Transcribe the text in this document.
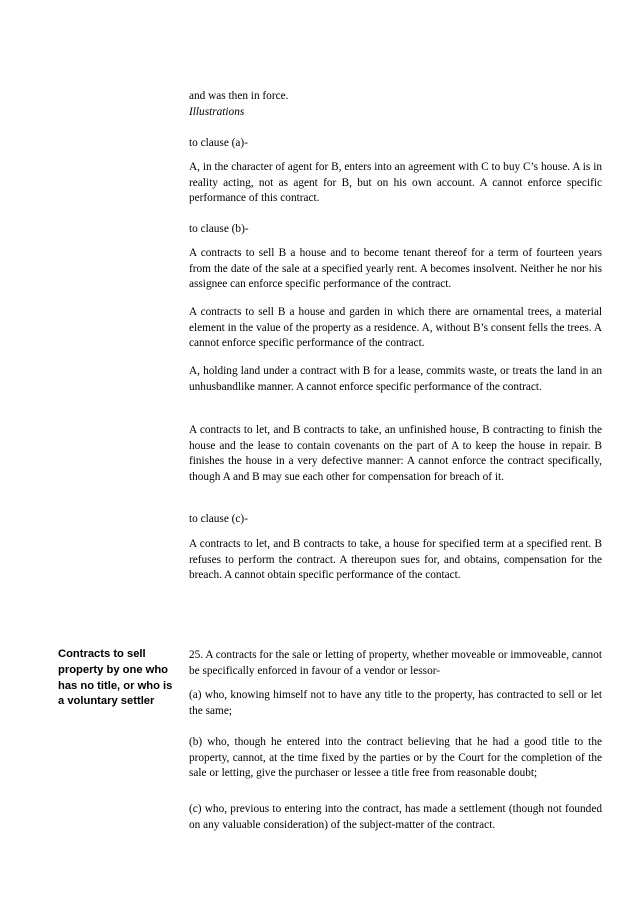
and was then in force.

Illustrations

to clause (a)-

A, in the character of agent for B, enters into an agreement with C to buy C’s house. A is in reality acting, not as agent for B, but on his own account. A cannot enforce specific performance of this contract.

to clause (b)-

A contracts to sell B a house and to become tenant thereof for a term of fourteen years from the date of the sale at a specified yearly rent. A becomes insolvent. Neither he nor his assignee can enforce specific performance of the contract.

A contracts to sell B a house and garden in which there are ornamental trees, a material element in the value of the property as a residence. A, without B’s consent fells the trees. A cannot enforce specific performance of the contract.

A, holding land under a contract with B for a lease, commits waste, or treats the land in an unhusbandlike manner. A cannot enforce specific performance of the contract.

A contracts to let, and B contracts to take, an unfinished house, B contracting to finish the house and the lease to contain covenants on the part of A to keep the house in repair. B finishes the house in a very defective manner: A cannot enforce the contract specifically, though A and B may sue each other for compensation for breach of it.

to clause (c)-

A contracts to let, and B contracts to take, a house for specified term at a specified rent. B refuses to perform the contract. A thereupon sues for, and obtains, compensation for the breach. A cannot obtain specific performance of the contact.

Contracts to sell property by one who has no title, or who is a voluntary settler

25. A contracts for the sale or letting of property, whether moveable or immoveable, cannot be specifically enforced in favour of a vendor or lessor-

(a) who, knowing himself not to have any title to the property, has contracted to sell or let the same;

(b) who, though he entered into the contract believing that he had a good title to the property, cannot, at the time fixed by the parties or by the Court for the completion of the sale or letting, give the purchaser or lessee a title free from reasonable doubt;

(c) who, previous to entering into the contract, has made a settlement (though not founded on any valuable consideration) of the subject-matter of the contract.
